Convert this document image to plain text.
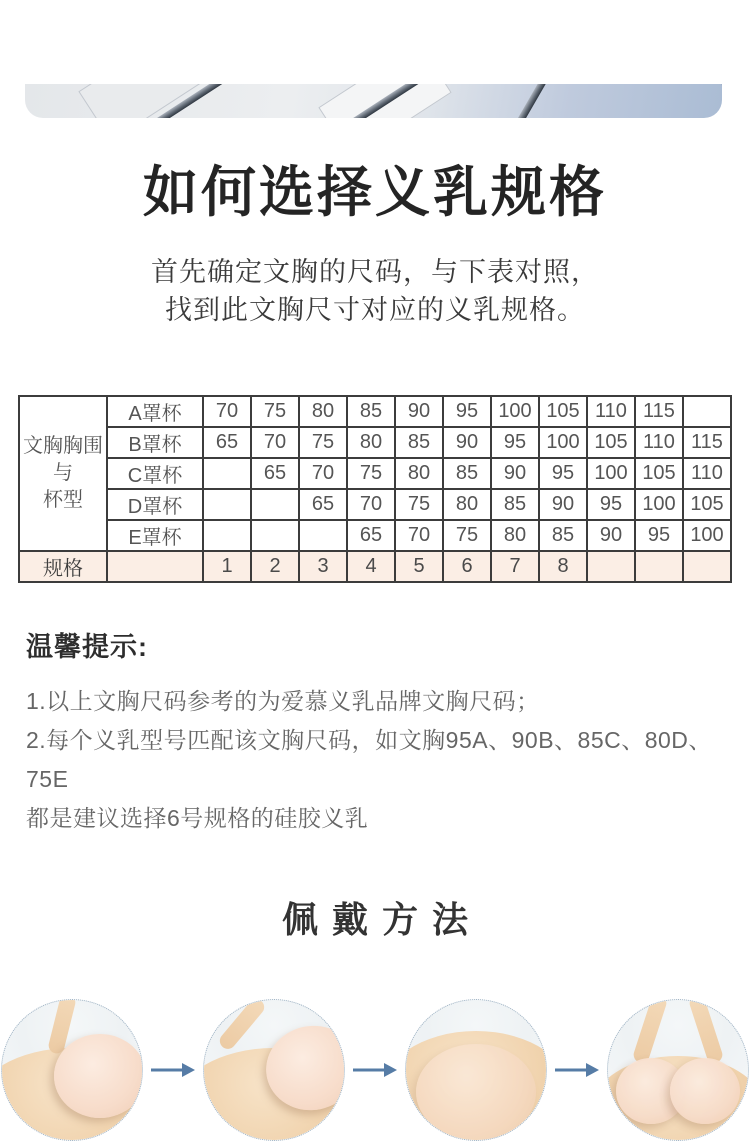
如何选择义乳规格
首先确定文胸的尺码，与下表对照，
找到此文胸尺寸对应的义乳规格。
文胸胸围
与
杯型	A罩杯	70	75	80	85	90	95	100	105	110	115	
	B罩杯	65	70	75	80	85	90	95	100	105	110	115
	C罩杯		65	70	75	80	85	90	95	100	105	110
	D罩杯			65	70	75	80	85	90	95	100	105
	E罩杯				65	70	75	80	85	90	95	100
规格		1	2	3	4	5	6	7	8			
温馨提示:

1.以上文胸尺码参考的为爱慕义乳品牌文胸尺码；

2.每个义乳型号匹配该文胸尺码，如文胸95A、90B、85C、80D、75E

都是建议选择6号规格的硅胶义乳

佩戴方法
